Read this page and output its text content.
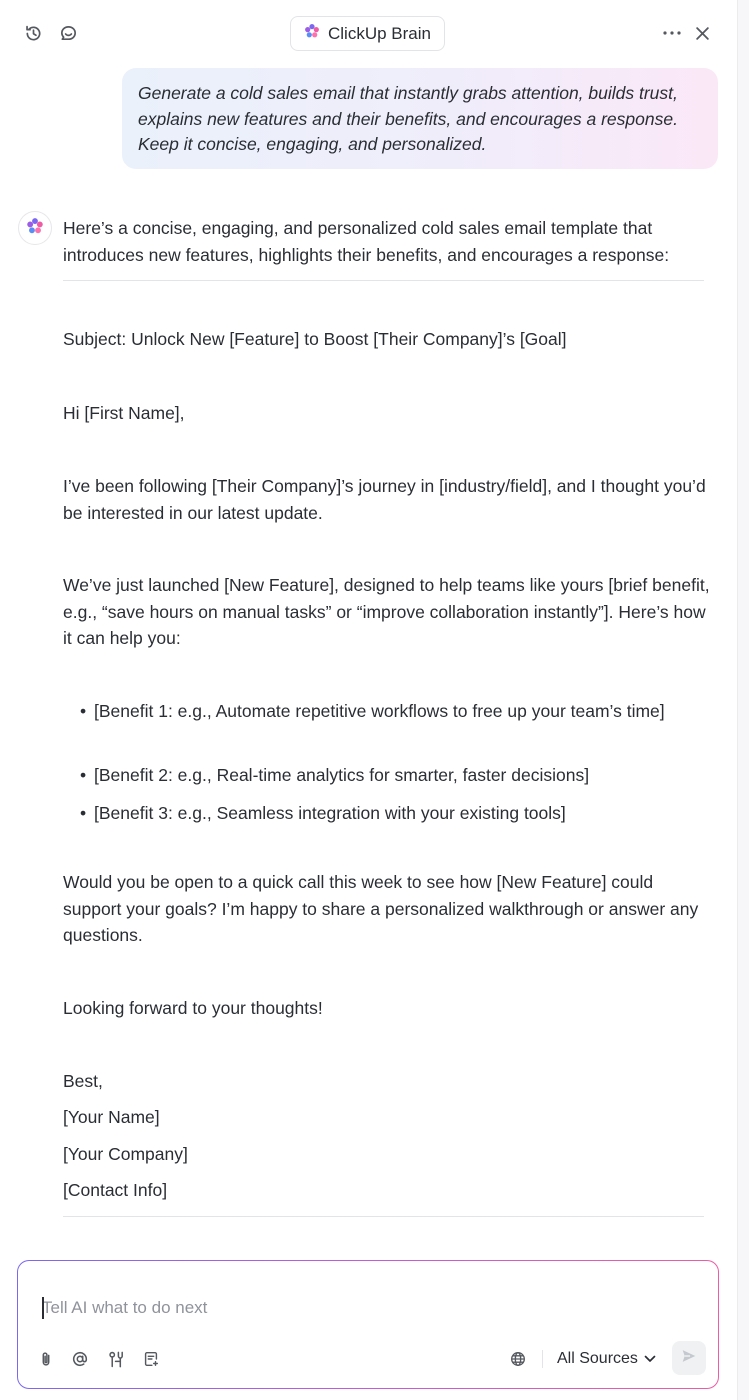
ClickUp Brain
Generate a cold sales email that instantly grabs attention, builds trust, explains new features and their benefits, and encourages a response. Keep it concise, engaging, and personalized.
Here’s a concise, engaging, and personalized cold sales email template that introduces new features, highlights their benefits, and encourages a response:
Subject: Unlock New [Feature] to Boost [Their Company]’s [Goal]
Hi [First Name],
I’ve been following [Their Company]’s journey in [industry/field], and I thought you’d be interested in our latest update.
We’ve just launched [New Feature], designed to help teams like yours [brief benefit, e.g., “save hours on manual tasks” or “improve collaboration instantly”]. Here’s how it can help you:
• [Benefit 1: e.g., Automate repetitive workflows to free up your team’s time]
• [Benefit 2: e.g., Real-time analytics for smarter, faster decisions]
• [Benefit 3: e.g., Seamless integration with your existing tools]
Would you be open to a quick call this week to see how [New Feature] could support your goals? I’m happy to share a personalized walkthrough or answer any questions.
Looking forward to your thoughts!
Best,
[Your Name]
[Your Company]
[Contact Info]
Tell AI what to do next
All Sources
